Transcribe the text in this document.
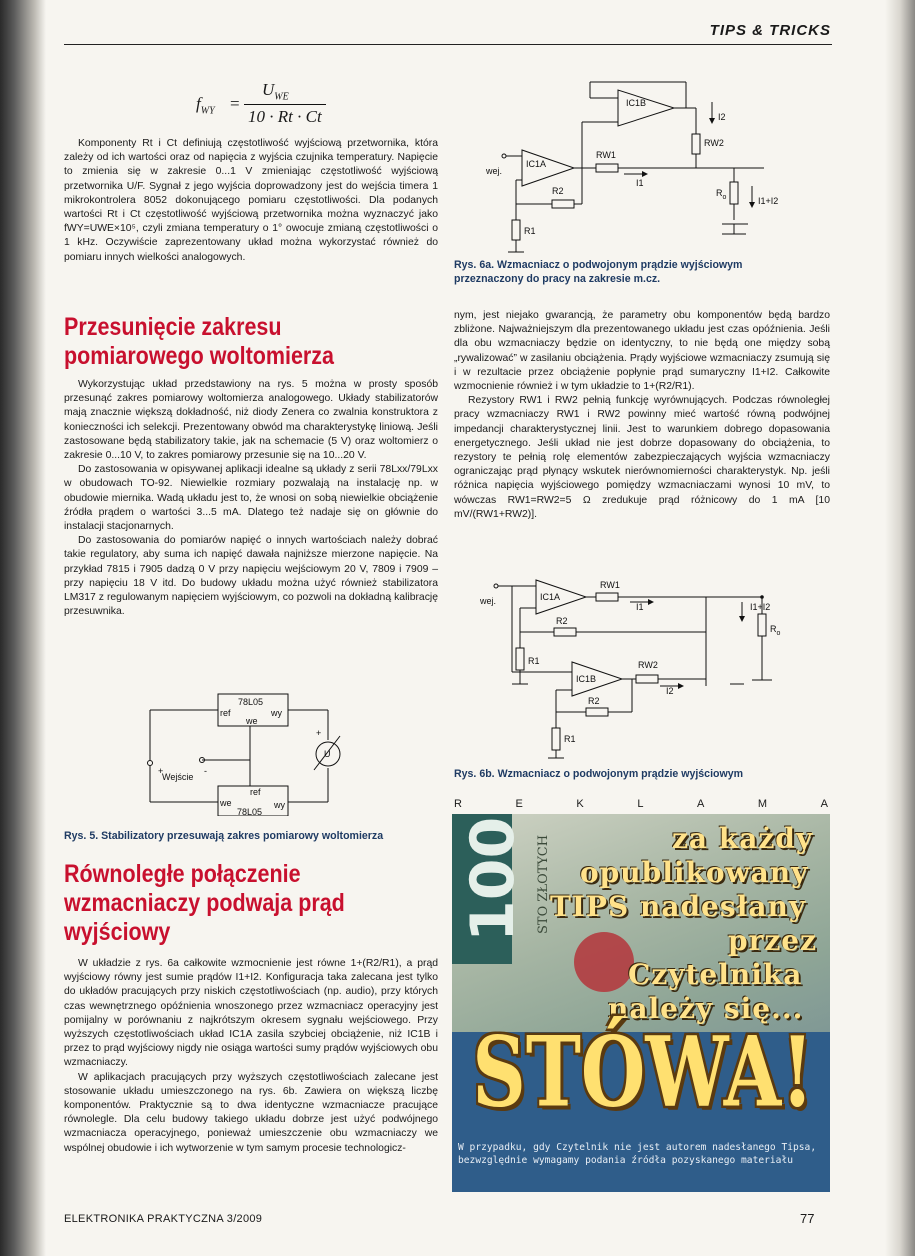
TIPS & TRICKS
$f_{WY}$ =
$U_{WE}$
10 · Rt · Ct

Komponenty Rt i Ct definiują częstotliwość wyjściową przetwornika, która zależy od ich wartości oraz od napięcia z wyjścia czujnika temperatury. Napięcie to zmienia się w zakresie 0...1 V zmieniając częstotliwość wyjściową przetwornika U/F. Sygnał z jego wyjścia doprowadzony jest do wejścia timera 1 mikrokontrolera 8052 dokonującego pomiaru częstotliwości. Dla podanych wartości Rt i Ct częstotliwość wyjściową przetwornika można wyznaczyć jako fWY=UWE×10⁵, czyli zmiana temperatury o 1° owocuje zmianą częstotliwości o 1 kHz. Oczywiście zaprezentowany układ można wykorzystać również do pomiaru innych wielkości analogowych.

Przesunięcie zakresu
pomiarowego woltomierza

Wykorzystując układ przedstawiony na rys. 5 można w prosty sposób przesunąć zakres pomiarowy woltomierza analogowego. Układy stabilizatorów mają znacznie większą dokładność, niż diody Zenera co zwalnia konstruktora z konieczności ich selekcji. Prezentowany obwód ma charakterystykę liniową. Jeśli zastosowane będą stabilizatory takie, jak na schemacie (5 V) oraz woltomierz o zakresie 0...10 V, to zakres pomiarowy przesunie się na 10...20 V.

Do zastosowania w opisywanej aplikacji idealne są układy z serii 78Lxx/79Lxx w obudowach TO-92. Niewielkie rozmiary pozwalają na instalację np. w obudowie miernika. Wadą układu jest to, że wnosi on sobą niewielkie obciążenie źródła prądem o wartości 3...5 mA. Dlatego też nadaje się on głównie do instalacji stacjonarnych.

Do zastosowania do pomiarów napięć o innych wartościach należy dobrać takie regulatory, aby suma ich napięć dawała najniższe mierzone napięcie. Na przykład 7815 i 7905 dadzą 0 V przy napięciu wejściowym 20 V, 7809 i 7909 – przy napięciu 18 V itd. Do budowy układu można użyć również stabilizatora LM317 z regulowanym napięciem wyjściowym, co pozwoli na dokładną kalibrację przesuwnika.

ref
78L05
wy
we
ref
we
78L05
wy
U
+
+	-
Wejście
Rys. 5. Stabilizatory przesuwają zakres pomiarowy woltomierza
Równoległe połączenie
wzmacniaczy podwaja prąd
wyjściowy

W układzie z rys. 6a całkowite wzmocnienie jest równe 1+(R2/R1), a prąd wyjściowy równy jest sumie prądów I1+I2. Konfiguracja taka zalecana jest tylko do układów pracujących przy niskich częstotliwościach (np. audio), przy których czas wewnętrznego opóźnienia wnoszonego przez wzmacniacz operacyjny jest pomijalny w porównaniu z najkrótszym okresem sygnału wejściowego. Przy wyższych częstotliwościach układ IC1A zasila szybciej obciążenie, niż IC1B i przez to prąd wyjściowy nigdy nie osiąga wartości sumy prądów wyjściowych obu wzmacniaczy.

W aplikacjach pracujących przy wyższych częstotliwościach zalecane jest stosowanie układu umieszczonego na rys. 6b. Zawiera on większą liczbę komponentów. Praktycznie są to dwa identyczne wzmacniacze pracujące równolegle. Dla celu budowy takiego układu dobrze jest użyć podwójnego wzmacniacza operacyjnego, ponieważ umieszczenie obu wzmacniaczy we wspólnej obudowie i ich wytworzenie w tym samym procesie technologicz-

IC1B
IC1A
RW1
RW2
R2
R1
I1
I2
I1+I2
$R_o$
wej.
Rys. 6a. Wzmacniacz o podwojonym prądzie wyjściowym
przeznaczony do pracy na zakresie m.cz.

nym, jest niejako gwarancją, że parametry obu komponentów będą bardzo zbliżone. Najważniejszym dla prezentowanego układu jest czas opóźnienia. Jeśli dla obu wzmacniaczy będzie on identyczny, to nie będą one między sobą „rywalizować” w zasilaniu obciążenia. Prądy wyjściowe wzmacniaczy zsumują się i w rezultacie przez obciążenie popłynie prąd sumaryczny I1+I2. Całkowite wzmocnienie również i w tym układzie to 1+(R2/R1).

Rezystory RW1 i RW2 pełnią funkcję wyrównujących. Podczas równoległej pracy wzmacniaczy RW1 i RW2 powinny mieć wartość równą podwójnej impedancji charakterystycznej linii. Jest to warunkiem dobrego dopasowania energetycznego. Jeśli układ nie jest dobrze dopasowany do obciążenia, to rezystory te pełnią rolę elementów zabezpieczających wyjścia wzmacniaczy ograniczając prąd płynący wskutek nierównomierności charakterystyk. Np. jeśli różnica napięcia wyjściowego pomiędzy wzmacniaczami wynosi 10 mV, to wówczas RW1=RW2=5 Ω zredukuje prąd różnicowy do 1 mA [10 mV/(RW1+RW2)].

IC1A
RW1
R2
R1
IC1B
RW2
R2
R1
I1
I2
I1+I2
$R_o$
wej.
Rys. 6b. Wzmacniacz o podwojonym prądzie wyjściowym
R	E	K	L	A	M	A
100 STO ZŁOTYCH	za każdy
opublikowany
TIPS nadesłany
przez
Czytelnika
należy się...
STÓWA!
W przypadku, gdy Czytelnik nie jest autorem nadesłanego Tipsa, bezwzględnie wymagamy podania źródła pozyskanego materiału
ELEKTRONIKA PRAKTYCZNA 3/2009	77
